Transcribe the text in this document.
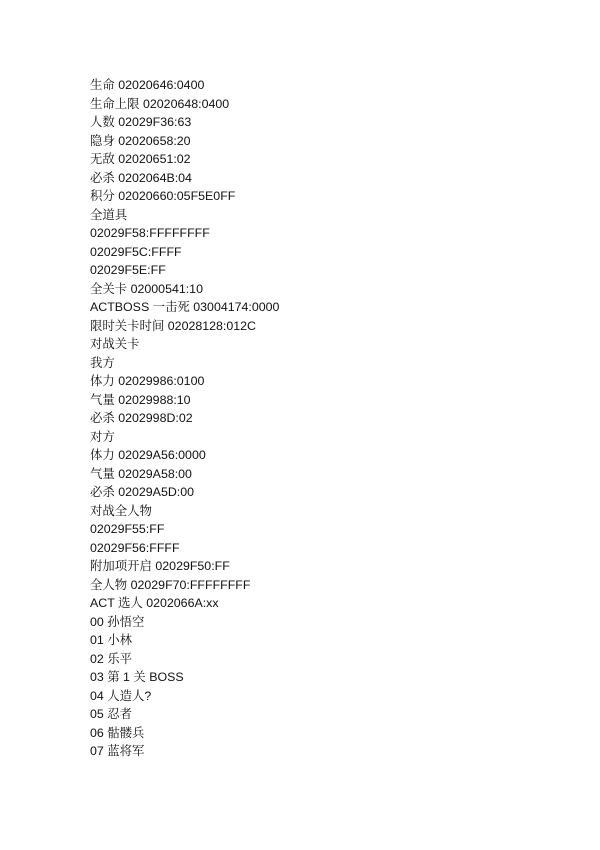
生命 02020646:0400
生命上限 02020648:0400
人数 02029F36:63
隐身 02020658:20
无敌 02020651:02
必杀 0202064B:04
积分 02020660:05F5E0FF
全道具
02029F58:FFFFFFFF
02029F5C:FFFF
02029F5E:FF
全关卡 02000541:10
ACTBOSS 一击死 03004174:0000
限时关卡时间 02028128:012C
对战关卡
我方
体力 02029986:0100
气量 02029988:10
必杀 0202998D:02
对方
体力 02029A56:0000
气量 02029A58:00
必杀 02029A5D:00
对战全人物
02029F55:FF
02029F56:FFFF
附加项开启 02029F50:FF
全人物 02029F70:FFFFFFFF
ACT 选人 0202066A:xx
00 孙悟空
01 小林
02 乐平
03 第 1 关 BOSS
04 人造人?
05 忍者
06 骷髅兵
07 蓝将军
